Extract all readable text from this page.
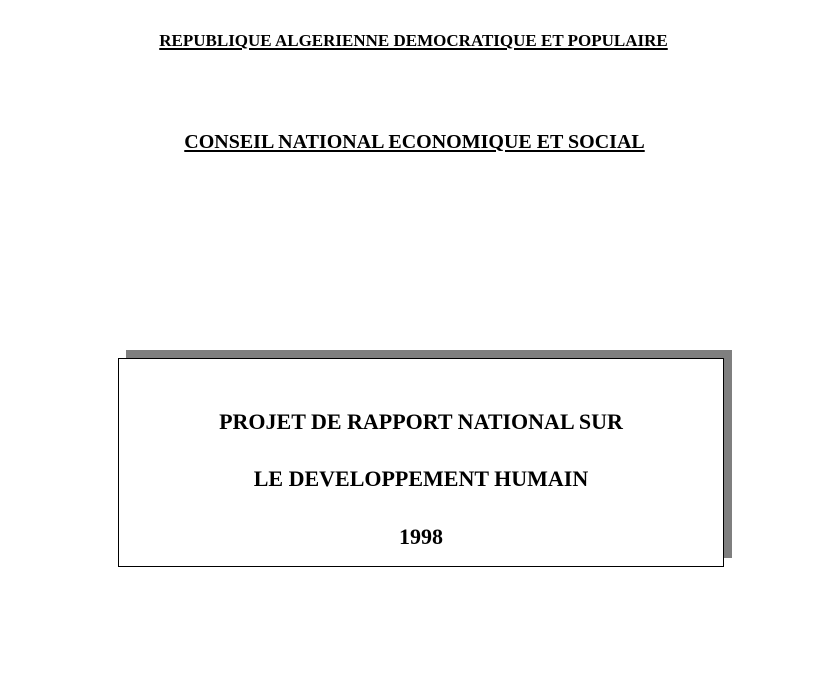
REPUBLIQUE ALGERIENNE DEMOCRATIQUE ET POPULAIRE
CONSEIL NATIONAL ECONOMIQUE ET SOCIAL
PROJET DE RAPPORT NATIONAL SUR
LE DEVELOPPEMENT HUMAIN
1998
